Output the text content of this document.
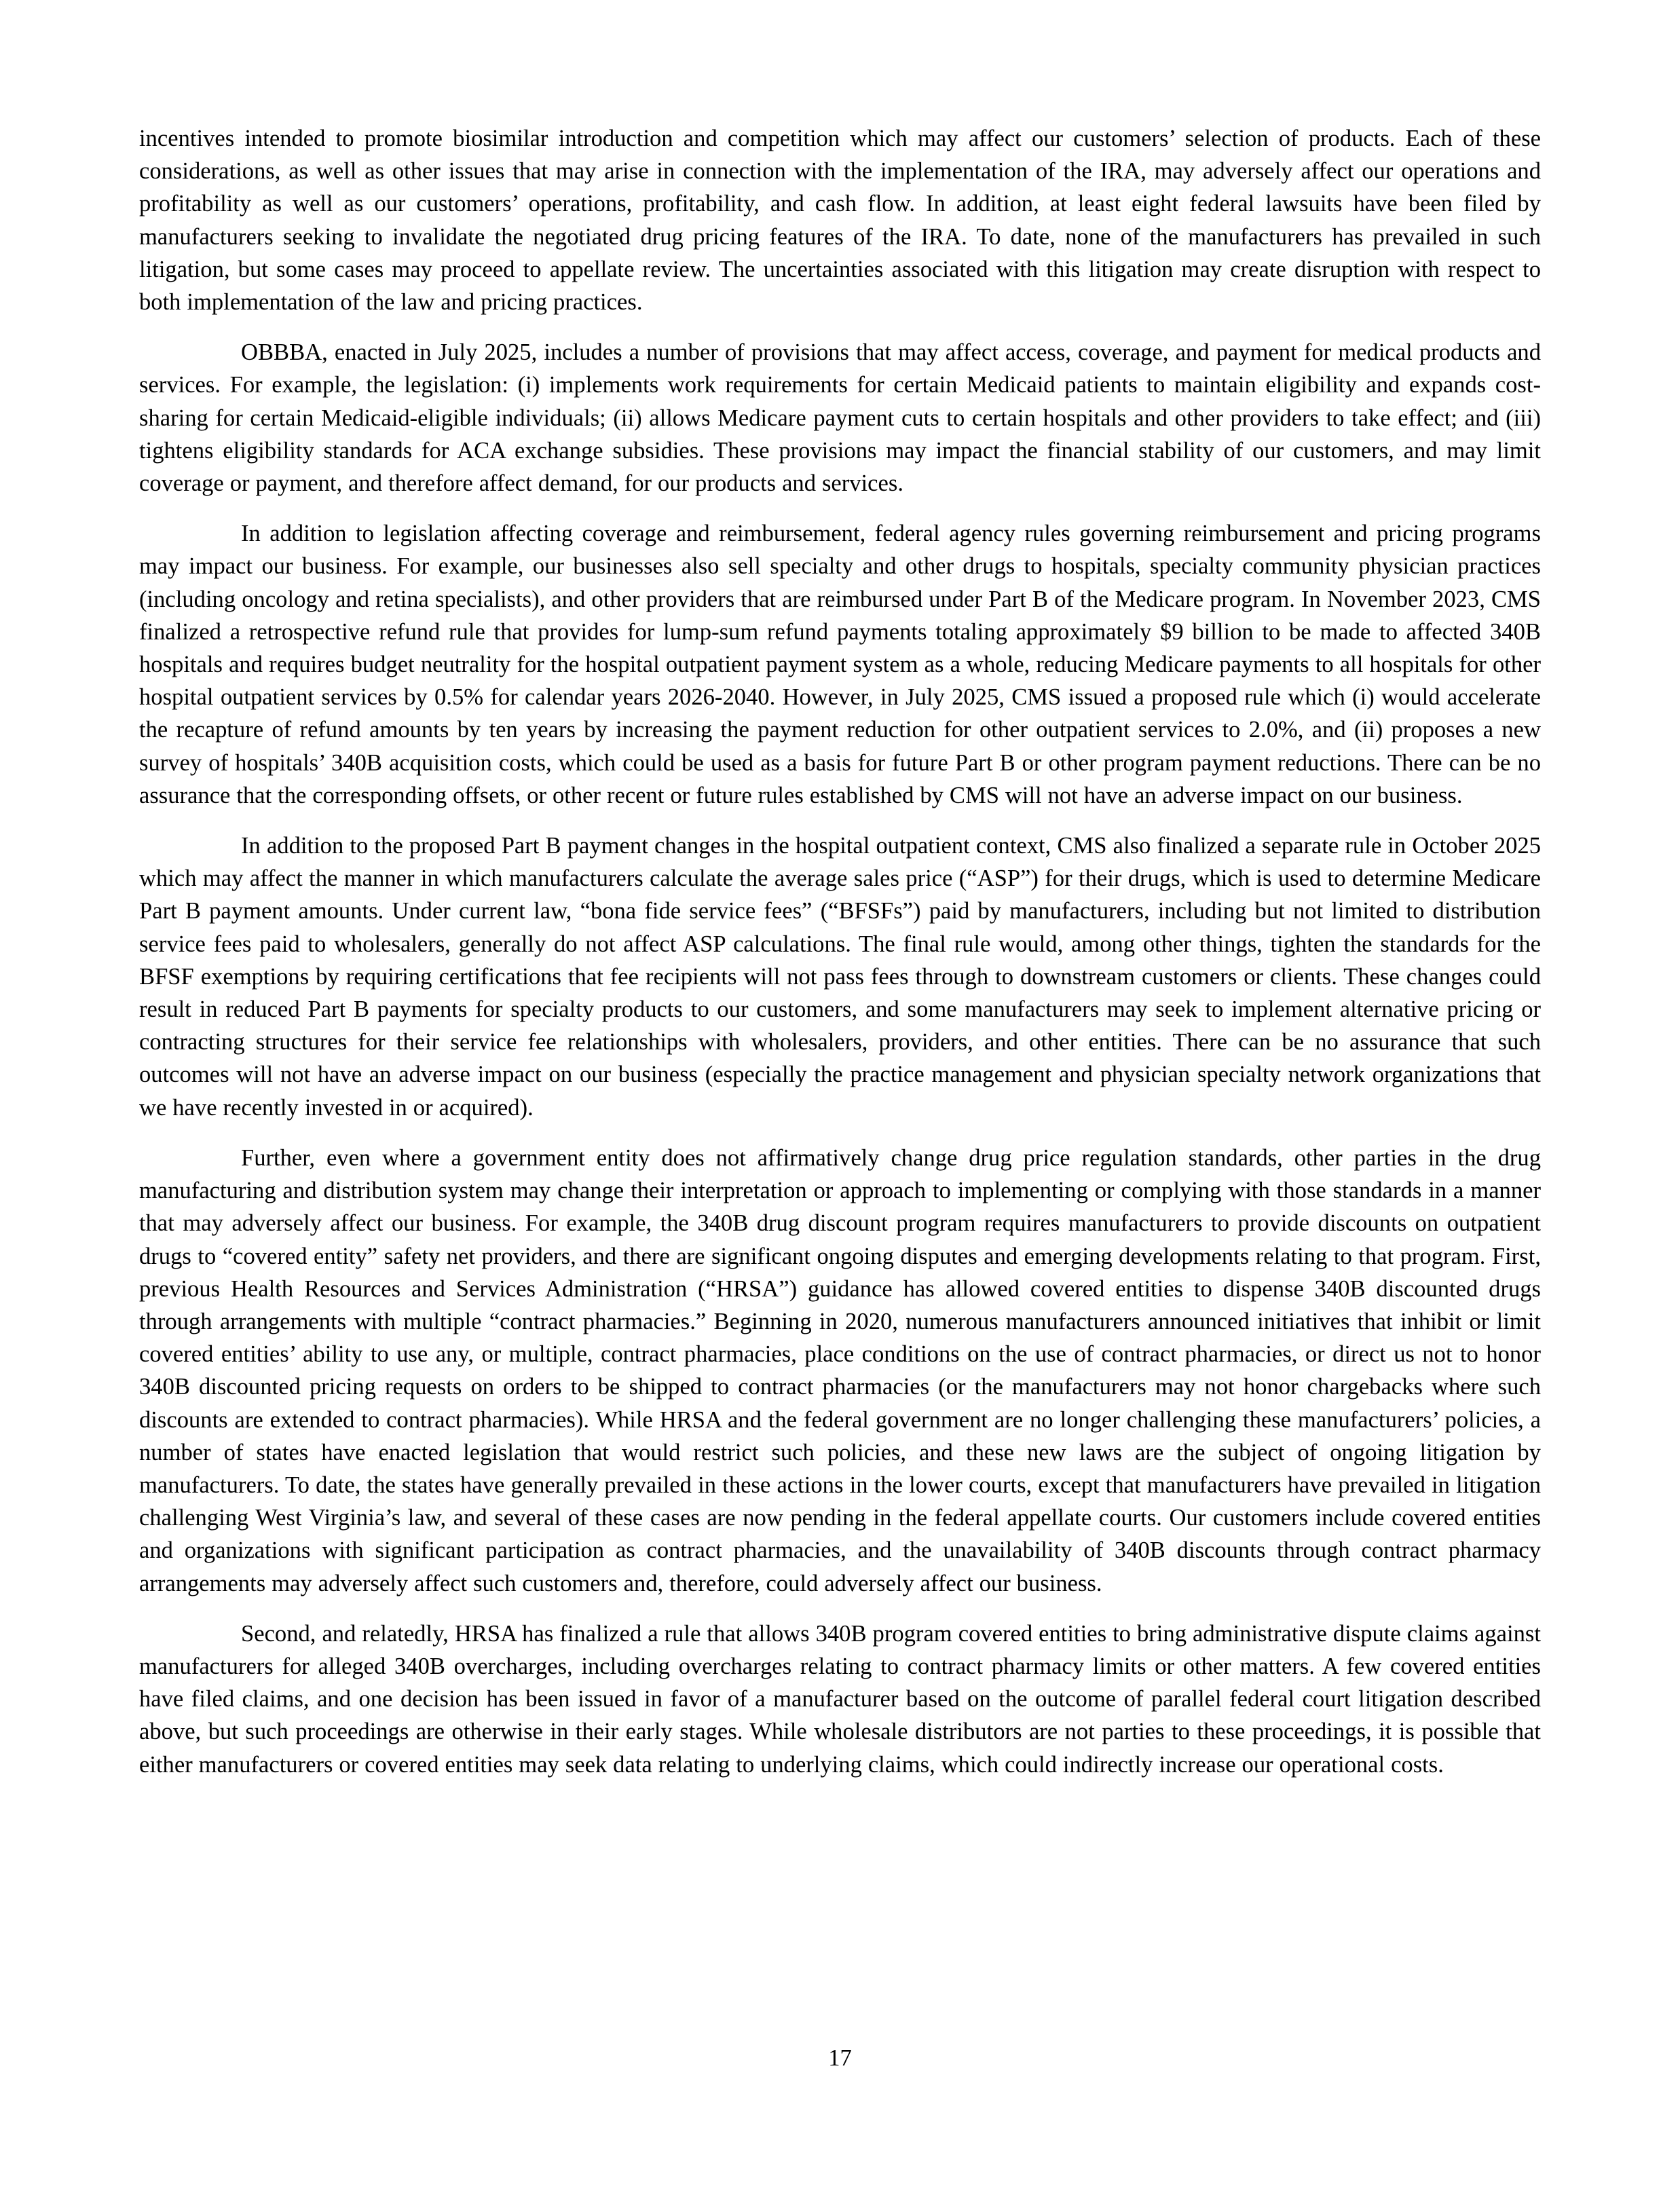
incentives intended to promote biosimilar introduction and competition which may affect our customers’ selection of products. Each of these considerations, as well as other issues that may arise in connection with the implementation of the IRA, may adversely affect our operations and profitability as well as our customers’ operations, profitability, and cash flow. In addition, at least eight federal lawsuits have been filed by manufacturers seeking to invalidate the negotiated drug pricing features of the IRA. To date, none of the manufacturers has prevailed in such litigation, but some cases may proceed to appellate review. The uncertainties associated with this litigation may create disruption with respect to both implementation of the law and pricing practices.

OBBBA, enacted in July 2025, includes a number of provisions that may affect access, coverage, and payment for medical products and services. For example, the legislation: (i) implements work requirements for certain Medicaid patients to maintain eligibility and expands cost-sharing for certain Medicaid-eligible individuals; (ii) allows Medicare payment cuts to certain hospitals and other providers to take effect; and (iii) tightens eligibility standards for ACA exchange subsidies. These provisions may impact the financial stability of our customers, and may limit coverage or payment, and therefore affect demand, for our products and services.

In addition to legislation affecting coverage and reimbursement, federal agency rules governing reimbursement and pricing programs may impact our business. For example, our businesses also sell specialty and other drugs to hospitals, specialty community physician practices (including oncology and retina specialists), and other providers that are reimbursed under Part B of the Medicare program. In November 2023, CMS finalized a retrospective refund rule that provides for lump-sum refund payments totaling approximately $9 billion to be made to affected 340B hospitals and requires budget neutrality for the hospital outpatient payment system as a whole, reducing Medicare payments to all hospitals for other hospital outpatient services by 0.5% for calendar years 2026-2040. However, in July 2025, CMS issued a proposed rule which (i) would accelerate the recapture of refund amounts by ten years by increasing the payment reduction for other outpatient services to 2.0%, and (ii) proposes a new survey of hospitals’ 340B acquisition costs, which could be used as a basis for future Part B or other program payment reductions. There can be no assurance that the corresponding offsets, or other recent or future rules established by CMS will not have an adverse impact on our business.

In addition to the proposed Part B payment changes in the hospital outpatient context, CMS also finalized a separate rule in October 2025 which may affect the manner in which manufacturers calculate the average sales price (“ASP”) for their drugs, which is used to determine Medicare Part B payment amounts. Under current law, “bona fide service fees” (“BFSFs”) paid by manufacturers, including but not limited to distribution service fees paid to wholesalers, generally do not affect ASP calculations. The final rule would, among other things, tighten the standards for the BFSF exemptions by requiring certifications that fee recipients will not pass fees through to downstream customers or clients. These changes could result in reduced Part B payments for specialty products to our customers, and some manufacturers may seek to implement alternative pricing or contracting structures for their service fee relationships with wholesalers, providers, and other entities. There can be no assurance that such outcomes will not have an adverse impact on our business (especially the practice management and physician specialty network organizations that we have recently invested in or acquired).

Further, even where a government entity does not affirmatively change drug price regulation standards, other parties in the drug manufacturing and distribution system may change their interpretation or approach to implementing or complying with those standards in a manner that may adversely affect our business. For example, the 340B drug discount program requires manufacturers to provide discounts on outpatient drugs to “covered entity” safety net providers, and there are significant ongoing disputes and emerging developments relating to that program. First, previous Health Resources and Services Administration (“HRSA”) guidance has allowed covered entities to dispense 340B discounted drugs through arrangements with multiple “contract pharmacies.” Beginning in 2020, numerous manufacturers announced initiatives that inhibit or limit covered entities’ ability to use any, or multiple, contract pharmacies, place conditions on the use of contract pharmacies, or direct us not to honor 340B discounted pricing requests on orders to be shipped to contract pharmacies (or the manufacturers may not honor chargebacks where such discounts are extended to contract pharmacies). While HRSA and the federal government are no longer challenging these manufacturers’ policies, a number of states have enacted legislation that would restrict such policies, and these new laws are the subject of ongoing litigation by manufacturers. To date, the states have generally prevailed in these actions in the lower courts, except that manufacturers have prevailed in litigation challenging West Virginia’s law, and several of these cases are now pending in the federal appellate courts. Our customers include covered entities and organizations with significant participation as contract pharmacies, and the unavailability of 340B discounts through contract pharmacy arrangements may adversely affect such customers and, therefore, could adversely affect our business.

Second, and relatedly, HRSA has finalized a rule that allows 340B program covered entities to bring administrative dispute claims against manufacturers for alleged 340B overcharges, including overcharges relating to contract pharmacy limits or other matters. A few covered entities have filed claims, and one decision has been issued in favor of a manufacturer based on the outcome of parallel federal court litigation described above, but such proceedings are otherwise in their early stages. While wholesale distributors are not parties to these proceedings, it is possible that either manufacturers or covered entities may seek data relating to underlying claims, which could indirectly increase our operational costs.

17
